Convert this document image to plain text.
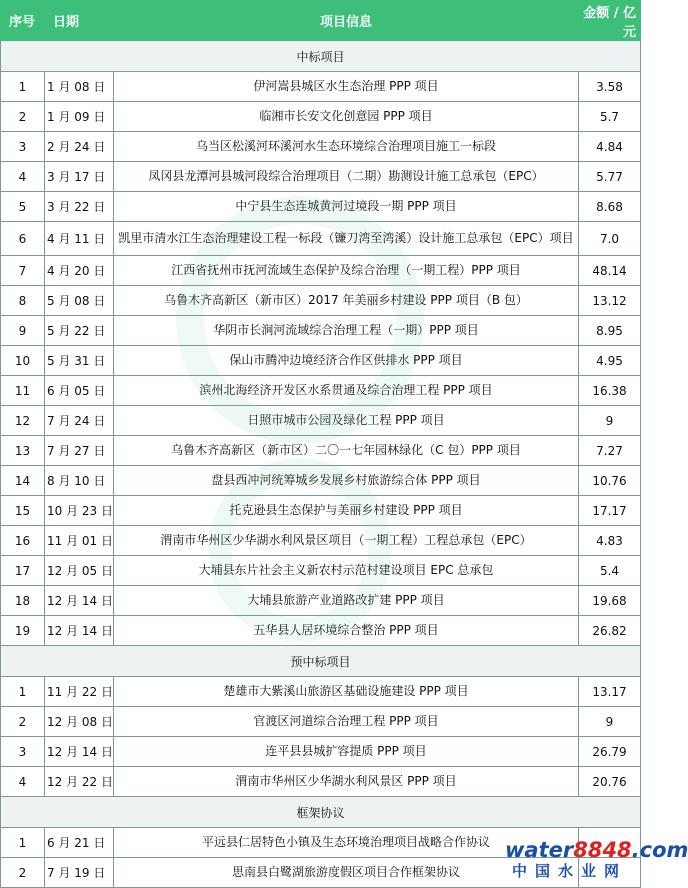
序号	日期	项目信息	金额 / 亿元
中标项目			
1	1 月 08 日	伊河嵩县城区水生态治理 PPP 项目	3.58
2	1 月 09 日	临湘市长安文化创意园 PPP 项目	5.7
3	2 月 24 日	乌当区松溪河环溪河水生态环境综合治理项目施工一标段	4.84
4	3 月 17 日	凤冈县龙潭河县城河段综合治理项目（二期）勘测设计施工总承包（EPC）	5.77
5	3 月 22 日	中宁县生态连城黄河过境段一期 PPP 项目	8.68
6	4 月 11 日	凯里市清水江生态治理建设工程一标段（镰刀湾至湾溪）设计施工总承包（EPC）项目	7.0
7	4 月 20 日	江西省抚州市抚河流域生态保护及综合治理（一期工程）PPP 项目	48.14
8	5 月 08 日	乌鲁木齐高新区（新市区）2017 年美丽乡村建设 PPP 项目（B 包）	13.12
9	5 月 22 日	华阴市长涧河流域综合治理工程（一期）PPP 项目	8.95
10	5 月 31 日	保山市腾冲边境经济合作区供排水 PPP 项目	4.95
11	6 月 05 日	滨州北海经济开发区水系贯通及综合治理工程 PPP 项目	16.38
12	7 月 24 日	日照市城市公园及绿化工程 PPP 项目	9
13	7 月 27 日	乌鲁木齐高新区（新市区）二〇一七年园林绿化（C 包）PPP 项目	7.27
14	8 月 10 日	盘县西冲河统筹城乡发展乡村旅游综合体 PPP 项目	10.76
15	10 月 23 日	托克逊县生态保护与美丽乡村建设 PPP 项目	17.17
16	11 月 01 日	渭南市华州区少华湖水利风景区项目（一期工程）工程总承包（EPC）	4.83
17	12 月 05 日	大埔县东片社会主义新农村示范村建设项目 EPC 总承包	5.4
18	12 月 14 日	大埔县旅游产业道路改扩建 PPP 项目	19.68
19	12 月 14 日	五华县人居环境综合整治 PPP 项目	26.82
预中标项目			
1	11 月 22 日	楚雄市大紫溪山旅游区基础设施建设 PPP 项目	13.17
2	12 月 08 日	官渡区河道综合治理工程 PPP 项目	9
3	12 月 14 日	连平县县城扩容提质 PPP 项目	26.79
4	12 月 22 日	渭南市华州区少华湖水利风景区 PPP 项目	20.76
框架协议			
1	6 月 21 日	平远县仁居特色小镇及生态环境治理项目战略合作协议	
2	7 月 19 日	思南县白鹭湖旅游度假区项目合作框架协议	
water8848.com
中国水业网
